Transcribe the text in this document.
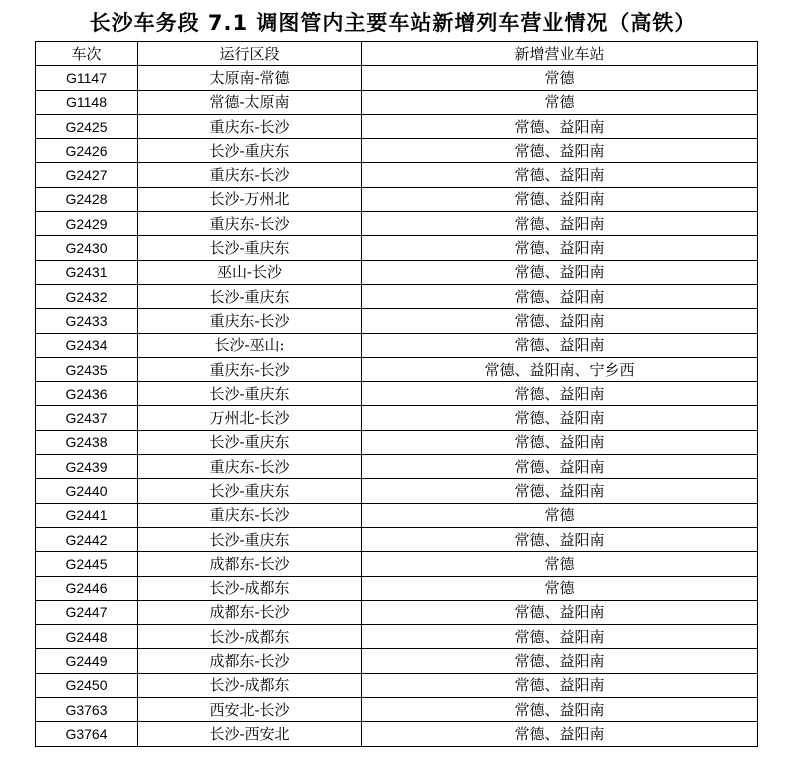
长沙车务段 7.1 调图管内主要车站新增列车营业情况（高铁）
车次	运行区段	新增营业车站
G1147	太原南-常德	常德
G1148	常德-太原南	常德
G2425	重庆东-长沙	常德、益阳南
G2426	长沙-重庆东	常德、益阳南
G2427	重庆东-长沙	常德、益阳南
G2428	长沙-万州北	常德、益阳南
G2429	重庆东-长沙	常德、益阳南
G2430	长沙-重庆东	常德、益阳南
G2431	巫山-长沙	常德、益阳南
G2432	长沙-重庆东	常德、益阳南
G2433	重庆东-长沙	常德、益阳南
G2434	长沙-巫山:	常德、益阳南
G2435	重庆东-长沙	常德、益阳南、宁乡西
G2436	长沙-重庆东	常德、益阳南
G2437	万州北-长沙	常德、益阳南
G2438	长沙-重庆东	常德、益阳南
G2439	重庆东-长沙	常德、益阳南
G2440	长沙-重庆东	常德、益阳南
G2441	重庆东-长沙	常德
G2442	长沙-重庆东	常德、益阳南
G2445	成都东-长沙	常德
G2446	长沙-成都东	常德
G2447	成都东-长沙	常德、益阳南
G2448	长沙-成都东	常德、益阳南
G2449	成都东-长沙	常德、益阳南
G2450	长沙-成都东	常德、益阳南
G3763	西安北-长沙	常德、益阳南
G3764	长沙-西安北	常德、益阳南
